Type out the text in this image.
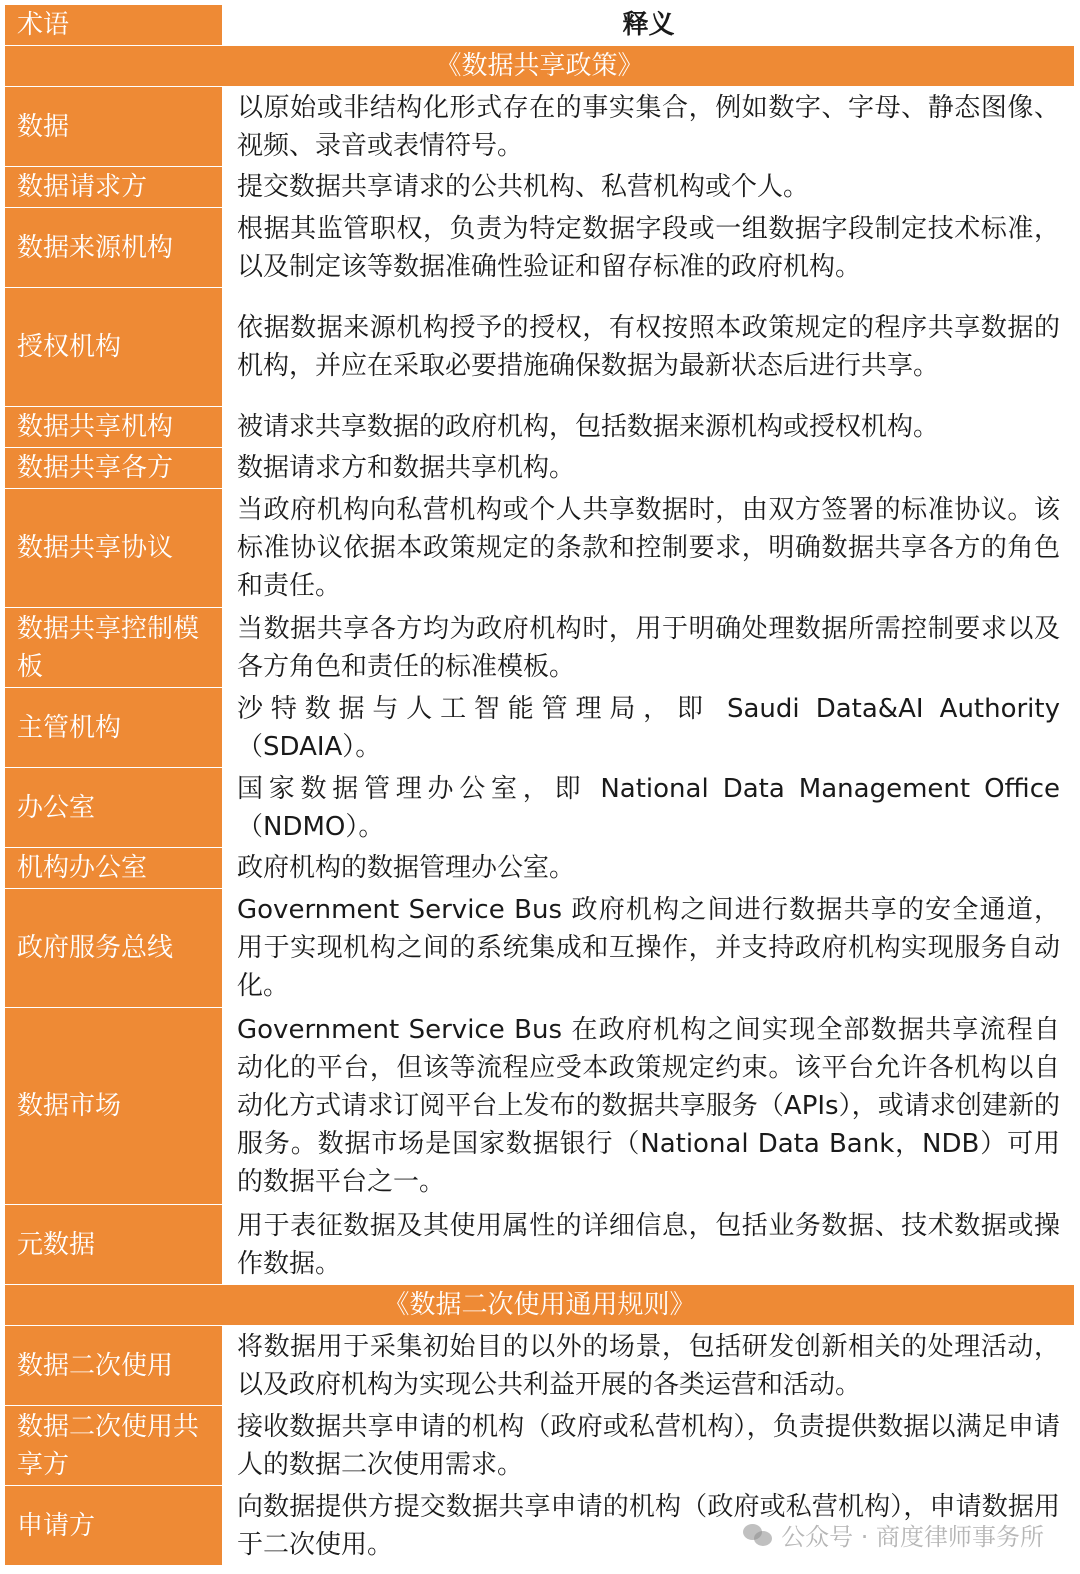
术语	释义
《数据共享政策》	
数据	以原始或非结构化形式存在的事实集合，例如数字、字母、静态图像、视频、录音或表情符号。
数据请求方	提交数据共享请求的公共机构、私营机构或个人。
数据来源机构	根据其监管职权，负责为特定数据字段或一组数据字段制定技术标准，以及制定该等数据准确性验证和留存标准的政府机构。
授权机构	依据数据来源机构授予的授权，有权按照本政策规定的程序共享数据的机构，并应在采取必要措施确保数据为最新状态后进行共享。
数据共享机构	被请求共享数据的政府机构，包括数据来源机构或授权机构。
数据共享各方	数据请求方和数据共享机构。
数据共享协议	当政府机构向私营机构或个人共享数据时，由双方签署的标准协议。该标准协议依据本政策规定的条款和控制要求，明确数据共享各方的角色和责任。
数据共享控制模板	当数据共享各方均为政府机构时，用于明确处理数据所需控制要求以及各方角色和责任的标准模板。
主管机构	沙特数据与人工智能管理局，即 Saudi Data&AI Authority（SDAIA）。
办公室	国家数据管理办公室，即 National Data Management Office（NDMO）。
机构办公室	政府机构的数据管理办公室。
政府服务总线	Government Service Bus 政府机构之间进行数据共享的安全通道，用于实现机构之间的系统集成和互操作，并支持政府机构实现服务自动化。
数据市场	Government Service Bus 在政府机构之间实现全部数据共享流程自动化的平台，但该等流程应受本政策规定约束。该平台允许各机构以自动化方式请求订阅平台上发布的数据共享服务（APIs），或请求创建新的服务。数据市场是国家数据银行（National Data Bank，NDB）可用的数据平台之一。
元数据	用于表征数据及其使用属性的详细信息，包括业务数据、技术数据或操作数据。
《数据二次使用通用规则》	
数据二次使用	将数据用于采集初始目的以外的场景，包括研发创新相关的处理活动，以及政府机构为实现公共利益开展的各类运营和活动。
数据二次使用共享方	接收数据共享申请的机构（政府或私营机构），负责提供数据以满足申请人的数据二次使用需求。
申请方	向数据提供方提交数据共享申请的机构（政府或私营机构），申请数据用于二次使用。	公众号 · 商度律师事务所
